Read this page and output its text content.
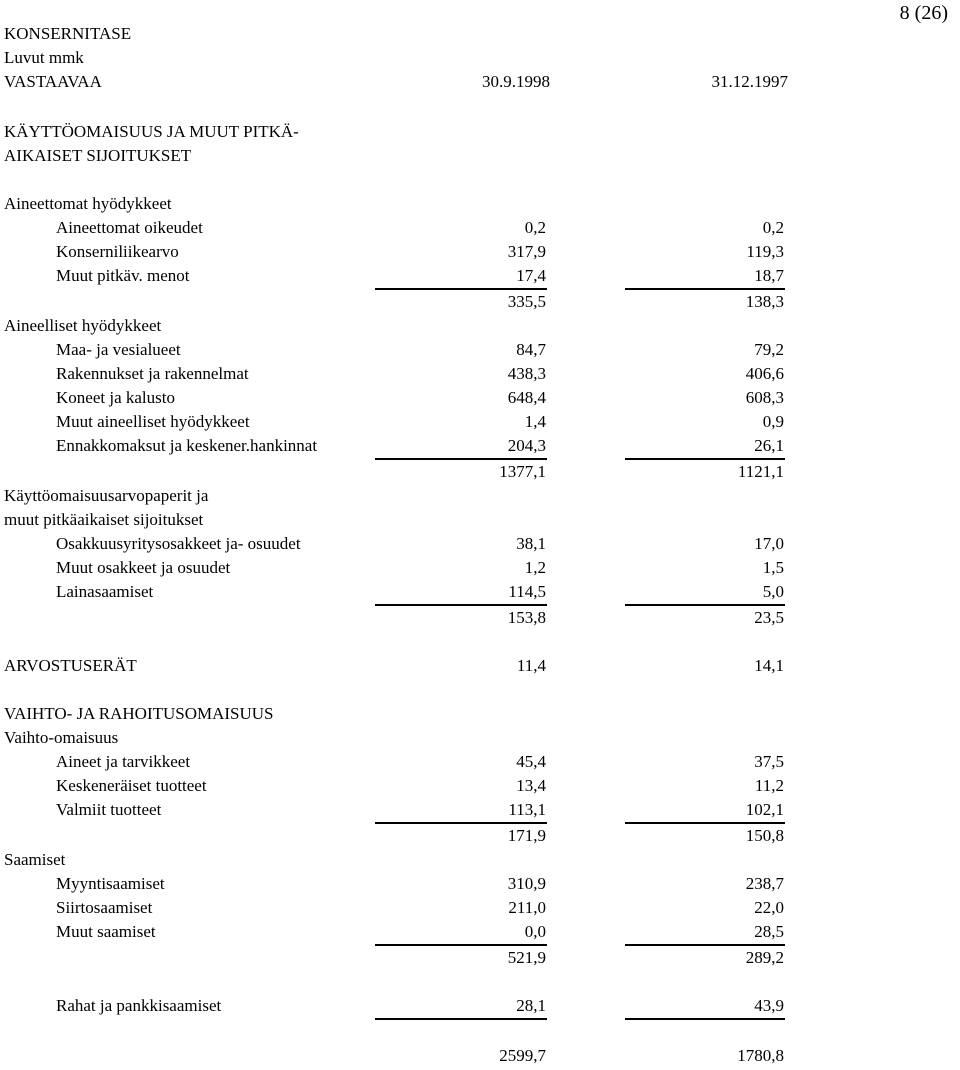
8 (26)
KONSERNITASE
Luvut mmk
VASTAAVAA	30.9.1998	31.12.1997
KÄYTTÖOMAISUUS JA MUUT PITKÄ-
AIKAISET SIJOITUKSET
Aineettomat hyödykkeet
Aineettomat oikeudet	0,2	0,2
Konserniliikearvo	317,9	119,3
Muut pitkäv. menot	17,4	18,7
335,5	138,3
Aineelliset hyödykkeet
Maa- ja vesialueet	84,7	79,2
Rakennukset ja rakennelmat	438,3	406,6
Koneet ja kalusto	648,4	608,3
Muut aineelliset hyödykkeet	1,4	0,9
Ennakkomaksut ja keskener.hankinnat	204,3	26,1
1377,1	1121,1
Käyttöomaisuusarvopaperit ja
muut pitkäaikaiset sijoitukset
Osakkuusyritysosakkeet ja- osuudet	38,1	17,0
Muut osakkeet ja osuudet	1,2	1,5
Lainasaamiset	114,5	5,0
153,8	23,5
ARVOSTUSERÄT	11,4	14,1
VAIHTO- JA RAHOITUSOMAISUUS
Vaihto-omaisuus
Aineet ja tarvikkeet	45,4	37,5
Keskeneräiset tuotteet	13,4	11,2
Valmiit tuotteet	113,1	102,1
171,9	150,8
Saamiset
Myyntisaamiset	310,9	238,7
Siirtosaamiset	211,0	22,0
Muut saamiset	0,0	28,5
521,9	289,2
Rahat ja pankkisaamiset	28,1	43,9
2599,7	1780,8
